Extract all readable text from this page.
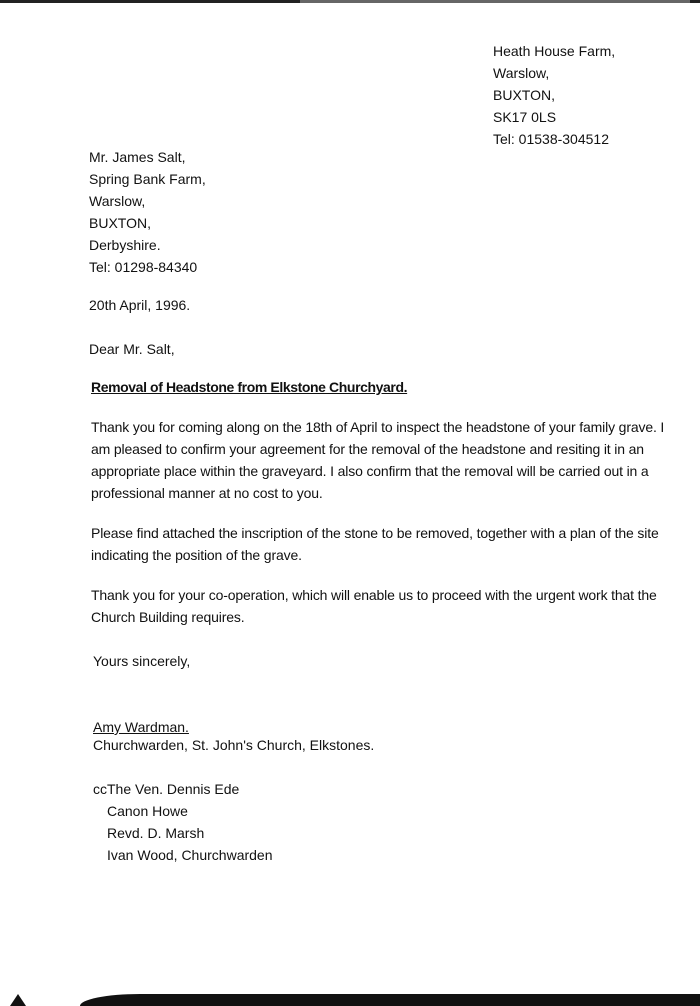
Heath House Farm,
Warslow,
BUXTON,
SK17 0LS
Tel: 01538-304512
Mr. James Salt,
Spring Bank Farm,
Warslow,
BUXTON,
Derbyshire.
Tel: 01298-84340
20th April, 1996.
Dear Mr. Salt,
Removal of Headstone from Elkstone Churchyard.
Thank you for coming along on the 18th of April to inspect the headstone of your family grave. I
am pleased to confirm your agreement for the removal of the headstone and resiting it in an
appropriate place within the graveyard. I also confirm that the removal will be carried out in a
professional manner at no cost to you.
Please find attached the inscription of the stone to be removed, together with a plan of the site
indicating the position of the grave.
Thank you for your co-operation, which will enable us to proceed with the urgent work that the
Church Building requires.
Yours sincerely,
Amy Wardman.
Churchwarden, St. John's Church, Elkstones.
ccThe Ven. Dennis Ede
Canon Howe
Revd. D. Marsh
Ivan Wood, Churchwarden
